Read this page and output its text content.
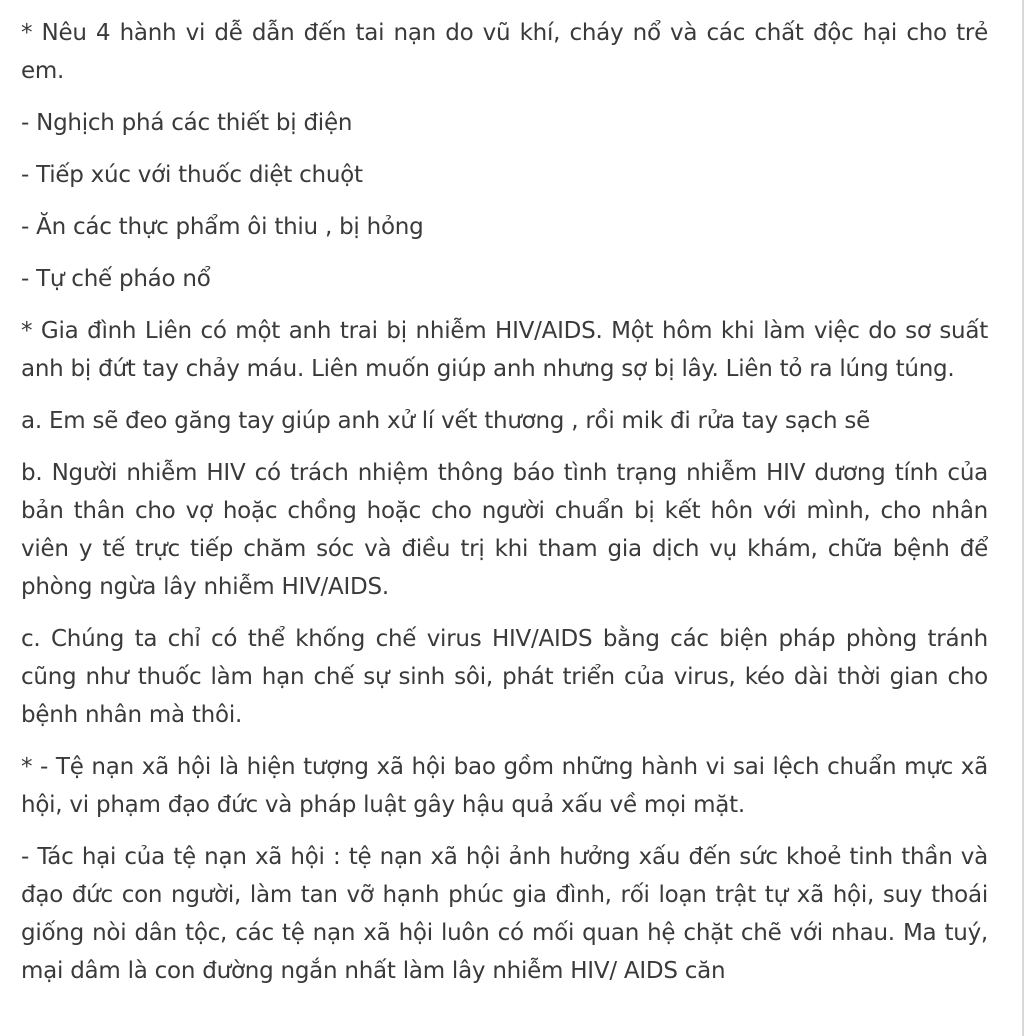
* Nêu 4 hành vi dễ dẫn đến tai nạn do vũ khí, cháy nổ và các chất độc hại cho trẻ em.

- Nghịch phá các thiết bị điện

- Tiếp xúc với thuốc diệt chuột

- Ăn các thực phẩm ôi thiu , bị hỏng

- Tự chế pháo nổ

* Gia đình Liên có một anh trai bị nhiễm HIV/AIDS. Một hôm khi làm việc do sơ suất anh bị đứt tay chảy máu. Liên muốn giúp anh nhưng sợ bị lây. Liên tỏ ra lúng túng.

a. Em sẽ đeo găng tay giúp anh xử lí vết thương , rồi mik đi rửa tay sạch sẽ

b. Người nhiễm HIV có trách nhiệm thông báo tình trạng nhiễm HIV dương tính của bản thân cho vợ hoặc chồng hoặc cho người chuẩn bị kết hôn với mình, cho nhân viên y tế trực tiếp chăm sóc và điều trị khi tham gia dịch vụ khám, chữa bệnh để phòng ngừa lây nhiễm HIV/AIDS.

c. Chúng ta chỉ có thể khống chế virus HIV/AIDS bằng các biện pháp phòng tránh cũng như thuốc làm hạn chế sự sinh sôi, phát triển của virus, kéo dài thời gian cho bệnh nhân mà thôi.

* - Tệ nạn xã hội là hiện tượng xã hội bao gồm những hành vi sai lệch chuẩn mực xã hội, vi phạm đạo đức và pháp luật gây hậu quả xấu về mọi mặt.

- Tác hại của tệ nạn xã hội : tệ nạn xã hội ảnh hưởng xấu đến sức khoẻ tinh thần và đạo đức con người, làm tan vỡ hạnh phúc gia đình, rối loạn trật tự xã hội, suy thoái giống nòi dân tộc, các tệ nạn xã hội luôn có mối quan hệ chặt chẽ với nhau. Ma tuý, mại dâm là con đường ngắn nhất làm lây nhiễm HIV/ AIDS căn
